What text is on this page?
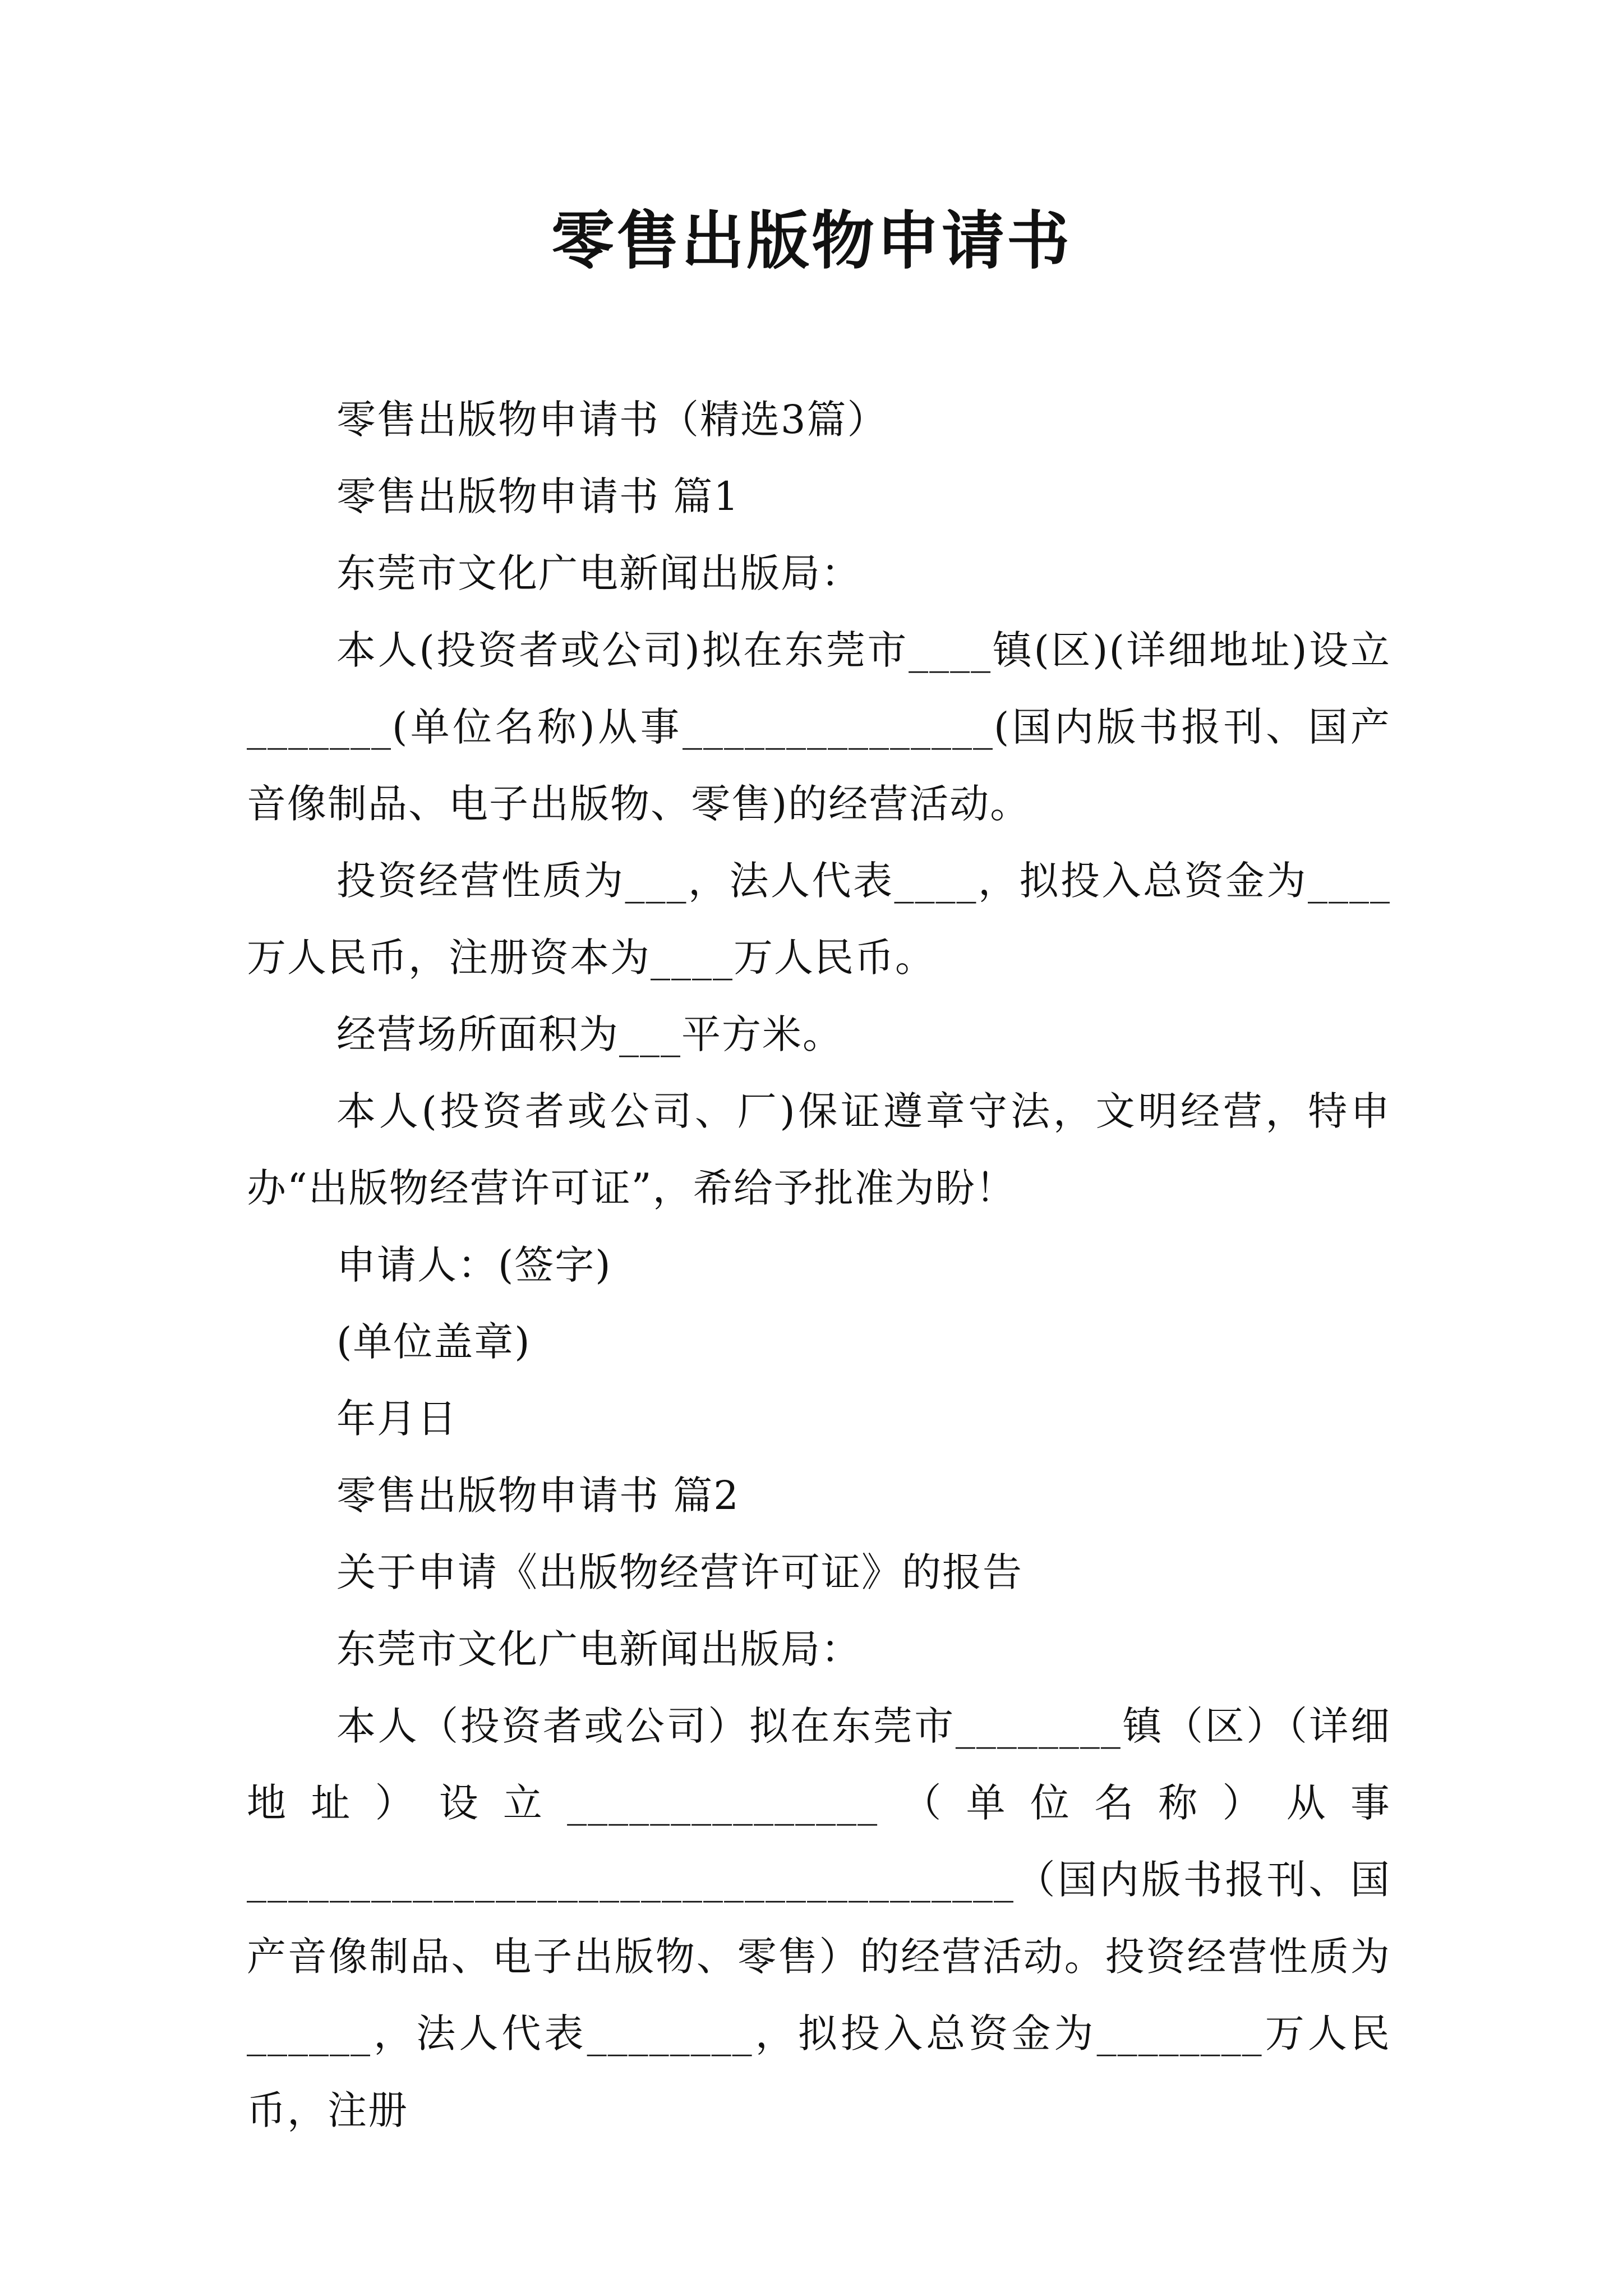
零售出版物申请书

零售出版物申请书（精选3篇）

零售出版物申请书 篇1

东莞市文化广电新闻出版局：

本人(投资者或公司)拟在东莞市____镇(区)(详细地址)设立_______(单位名称)从事_______________(国内版书报刊、国产音像制品、电子出版物、零售)的经营活动。

投资经营性质为___，法人代表____，拟投入总资金为____万人民币，注册资本为____万人民币。

经营场所面积为___平方米。

本人(投资者或公司、厂)保证遵章守法，文明经营，特申办“出版物经营许可证”，希给予批准为盼！

申请人：(签字)

(单位盖章)

年月日

零售出版物申请书 篇2

关于申请《出版物经营许可证》的报告

东莞市文化广电新闻出版局：

本人（投资者或公司）拟在东莞市________镇（区）（详细地址）设立_______________（单位名称）从事_____________________________________（国内版书报刊、国产音像制品、电子出版物、零售）的经营活动。投资经营性质为______，法人代表________，拟投入总资金为________万人民币，注册
